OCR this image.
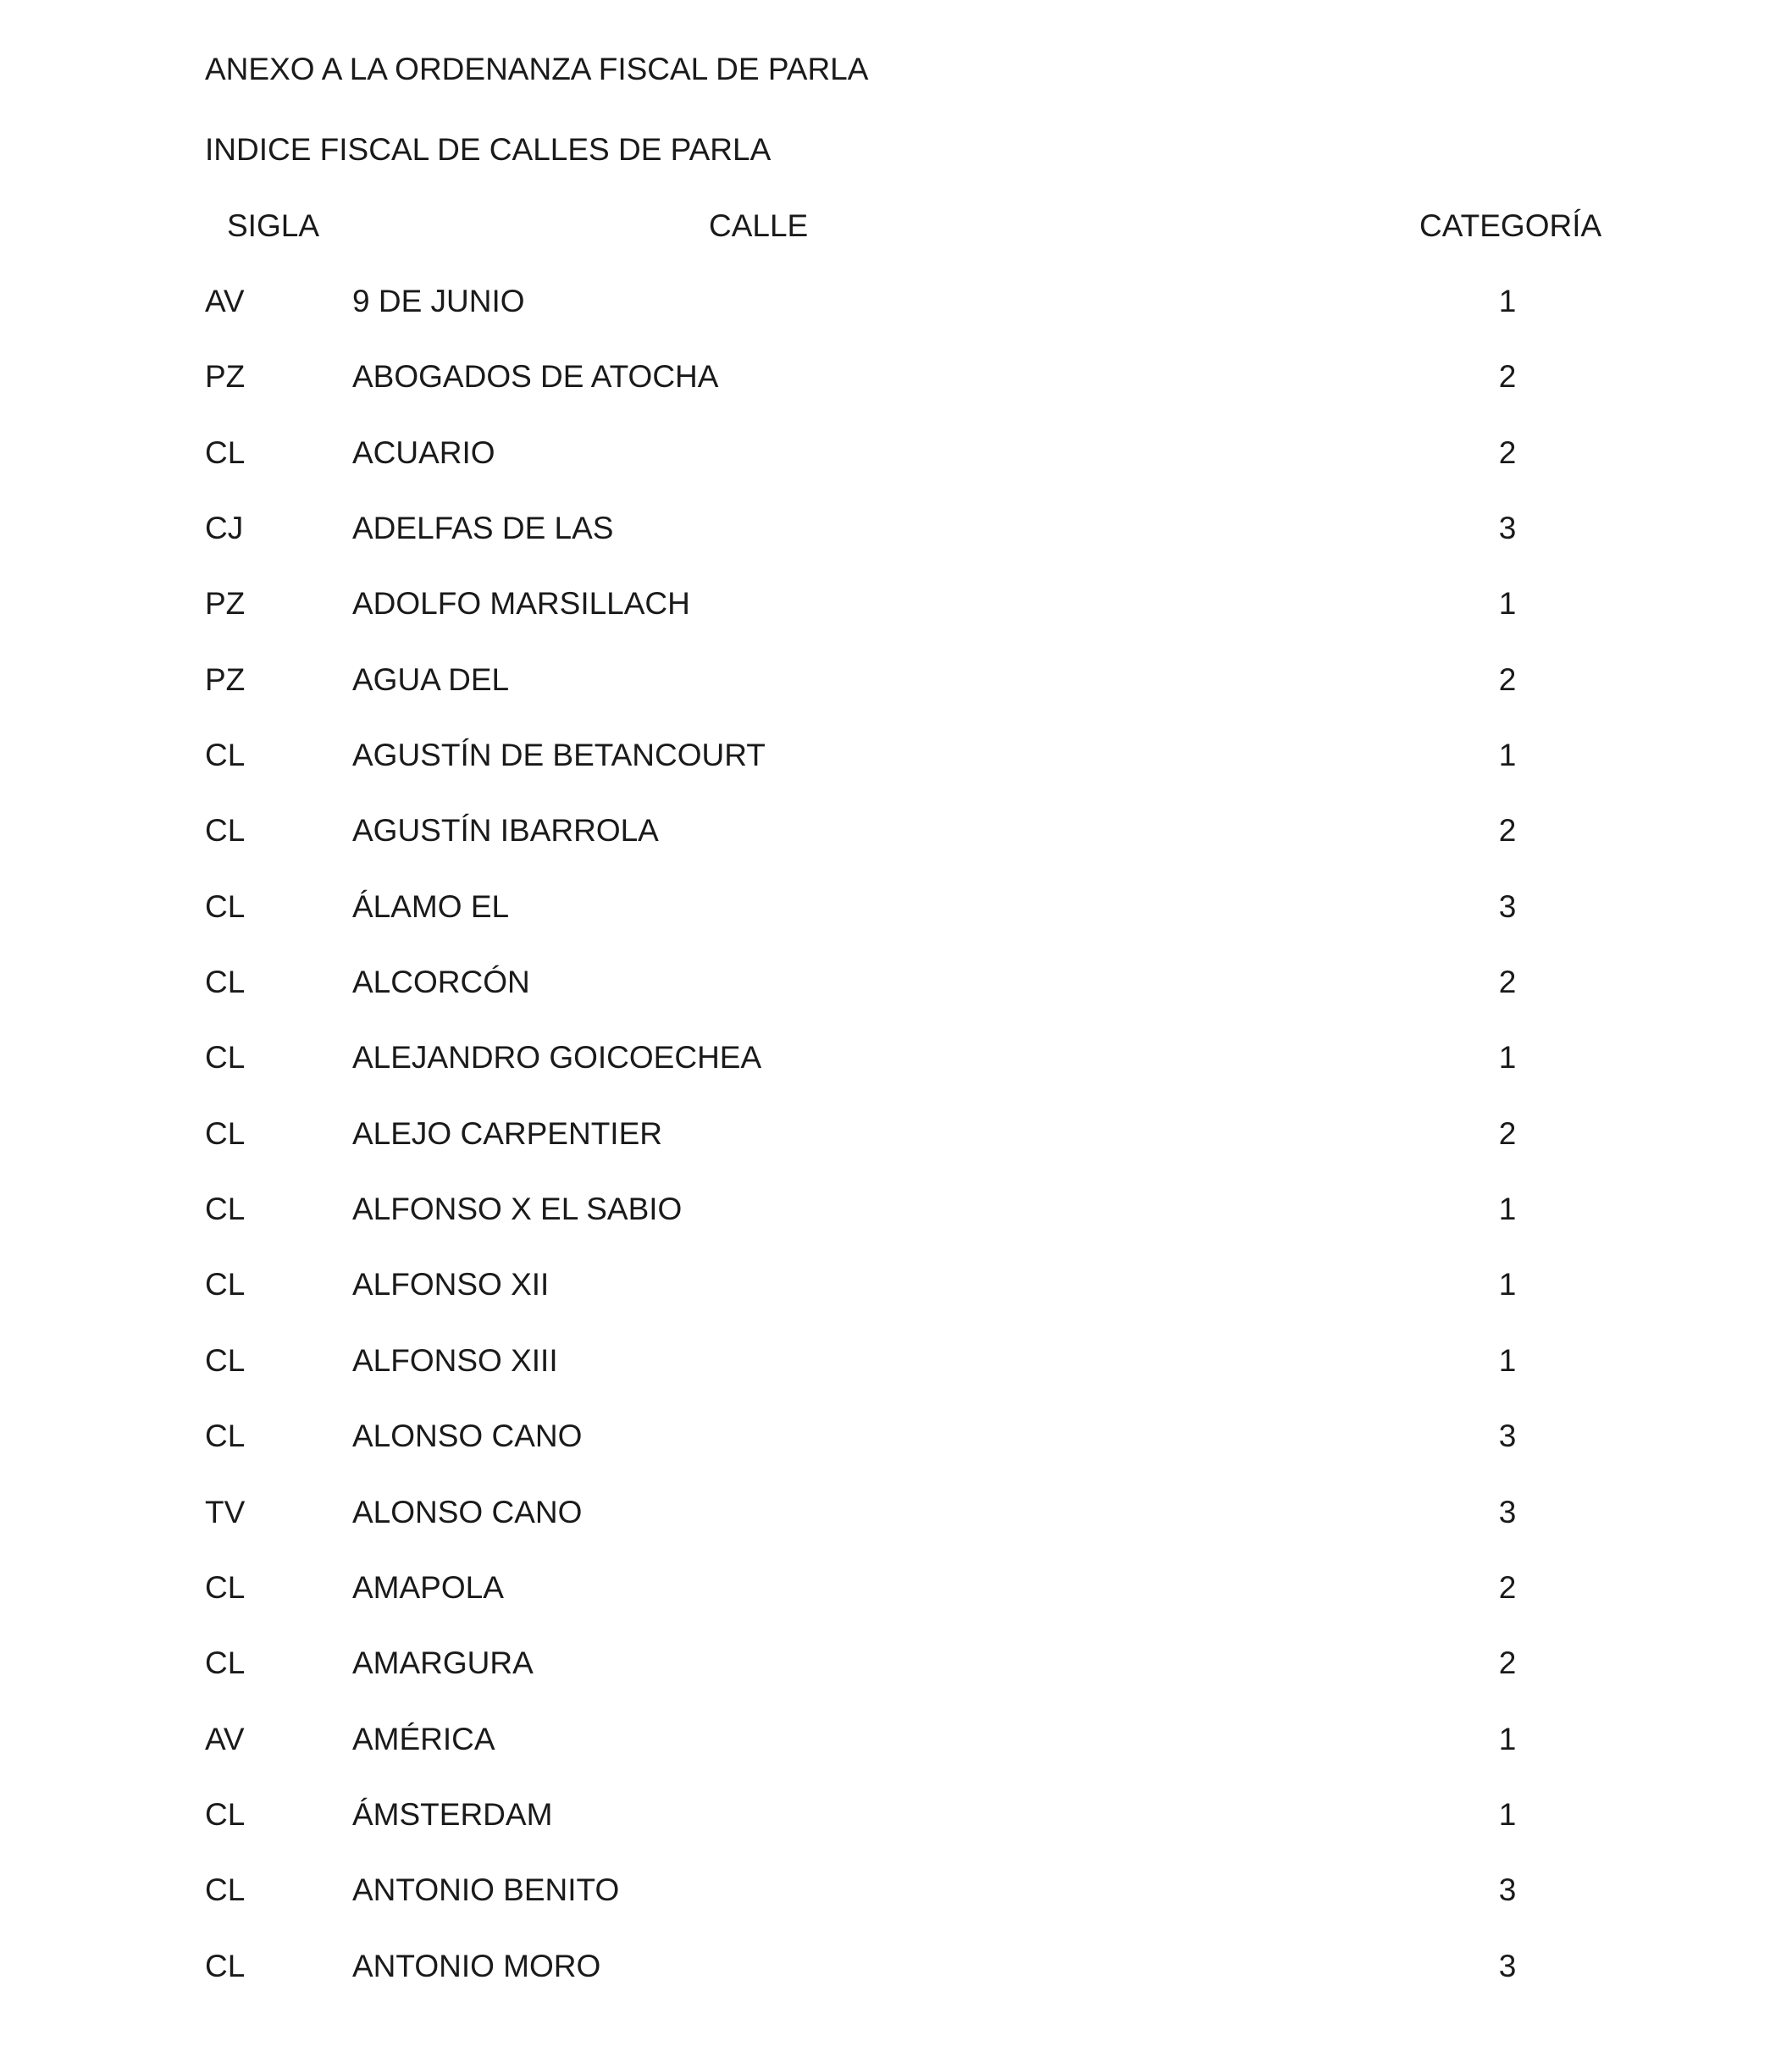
ANEXO A LA ORDENANZA FISCAL DE PARLA
INDICE FISCAL DE CALLES DE PARLA
SIGLA	CALLE	CATEGORÍA
AV	9 DE JUNIO	1
PZ	ABOGADOS DE ATOCHA	2
CL	ACUARIO	2
CJ	ADELFAS DE LAS	3
PZ	ADOLFO MARSILLACH	1
PZ	AGUA DEL	2
CL	AGUSTÍN DE BETANCOURT	1
CL	AGUSTÍN IBARROLA	2
CL	ÁLAMO EL	3
CL	ALCORCÓN	2
CL	ALEJANDRO GOICOECHEA	1
CL	ALEJO CARPENTIER	2
CL	ALFONSO X EL SABIO	1
CL	ALFONSO XII	1
CL	ALFONSO XIII	1
CL	ALONSO CANO	3
TV	ALONSO CANO	3
CL	AMAPOLA	2
CL	AMARGURA	2
AV	AMÉRICA	1
CL	ÁMSTERDAM	1
CL	ANTONIO BENITO	3
CL	ANTONIO MORO	3
